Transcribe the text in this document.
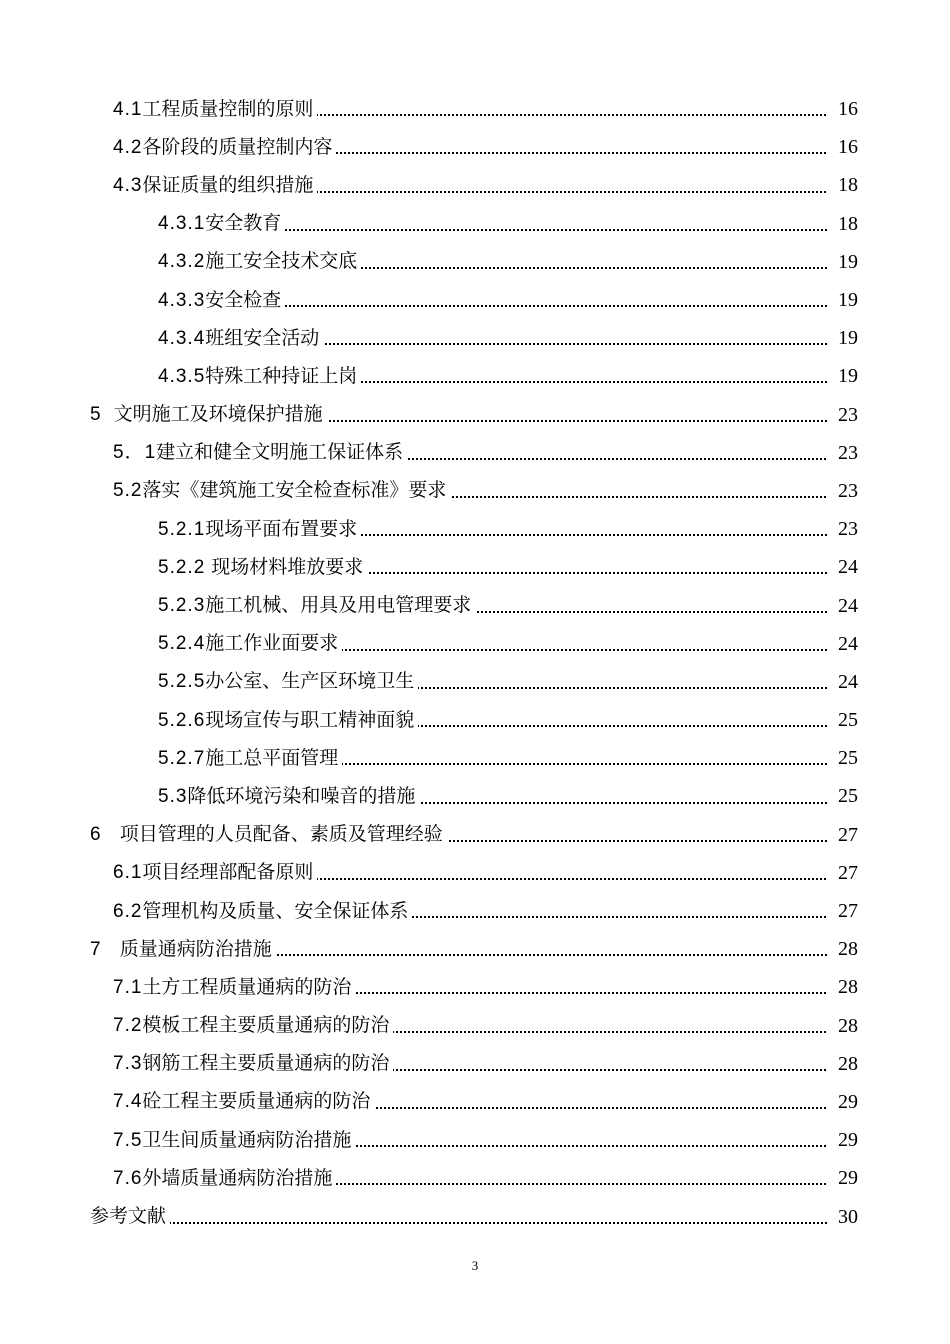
4.1工程质量控制的原则	16
4.2各阶段的质量控制内容	16
4.3保证质量的组织措施	18
4.3.1安全教育	18
4.3.2施工安全技术交底	19
4.3.3安全检查	19
4.3.4班组安全活动	19
4.3.5特殊工种持证上岗	19
5  文明施工及环境保护措施	23
5．1建立和健全文明施工保证体系	23
5.2落实《建筑施工安全检查标准》要求	23
5.2.1现场平面布置要求	23
5.2.2 现场材料堆放要求	24
5.2.3施工机械、用具及用电管理要求	24
5.2.4施工作业面要求	24
5.2.5办公室、生产区环境卫生	24
5.2.6现场宣传与职工精神面貌	25
5.2.7施工总平面管理	25
5.3降低环境污染和噪音的措施	25
6   项目管理的人员配备、素质及管理经验	27
6.1项目经理部配备原则	27
6.2管理机构及质量、安全保证体系	27
7   质量通病防治措施	28
7.1土方工程质量通病的防治	28
7.2模板工程主要质量通病的防治	28
7.3钢筋工程主要质量通病的防治	28
7.4砼工程主要质量通病的防治	29
7.5卫生间质量通病防治措施	29
7.6外墙质量通病防治措施	29
参考文献	30
3
